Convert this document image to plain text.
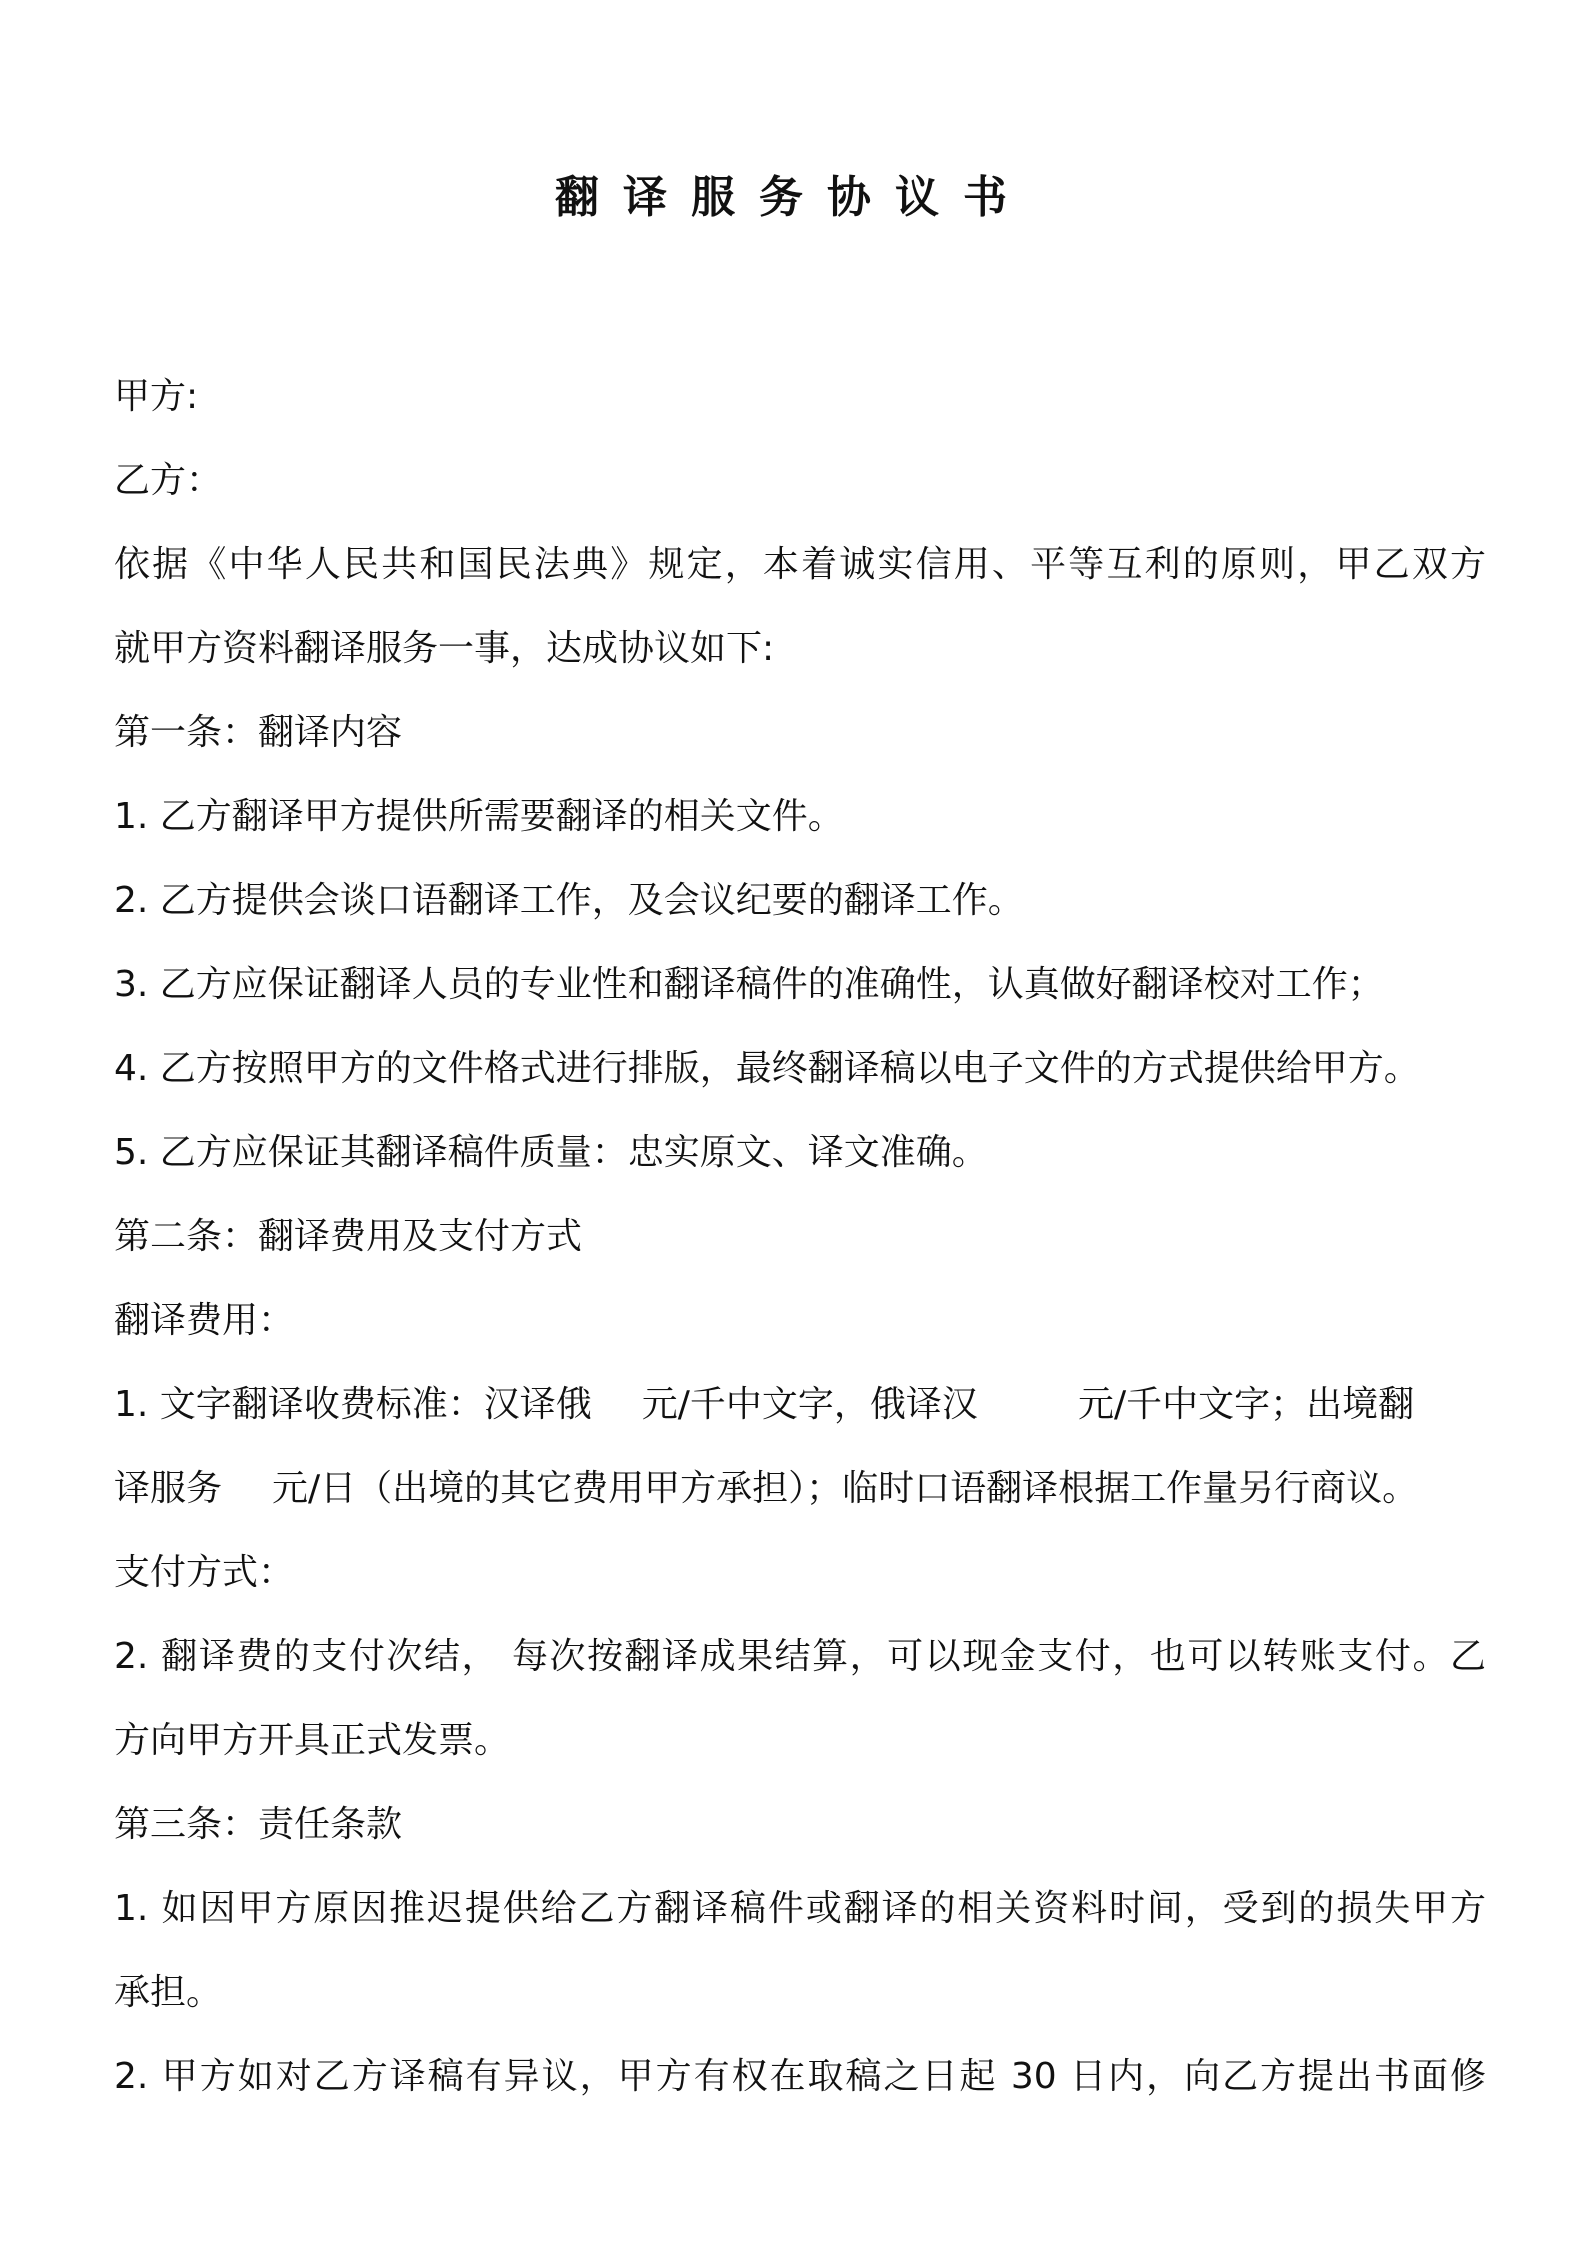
翻译服务协议书
甲方:
乙方：
依据《中华人民共和国民法典》规定，本着诚实信用、平等互利的原则，甲乙双方
就甲方资料翻译服务一事，达成协议如下:
第一条：翻译内容
1. 乙方翻译甲方提供所需要翻译的相关文件。
2. 乙方提供会谈口语翻译工作，及会议纪要的翻译工作。
3. 乙方应保证翻译人员的专业性和翻译稿件的准确性，认真做好翻译校对工作；
4. 乙方按照甲方的文件格式进行排版，最终翻译稿以电子文件的方式提供给甲方。
5. 乙方应保证其翻译稿件质量：忠实原文、译文准确。
第二条：翻译费用及支付方式
翻译费用：
1. 文字翻译收费标准：汉译俄 元/千中文字，俄译汉	元/千中文字；出境翻
译服务 元/日（出境的其它费用甲方承担）；临时口语翻译根据工作量另行商议。
支付方式：
2. 翻译费的支付次结， 每次按翻译成果结算，可以现金支付，也可以转账支付。乙
方向甲方开具正式发票。
第三条：责任条款
1. 如因甲方原因推迟提供给乙方翻译稿件或翻译的相关资料时间，受到的损失甲方
承担。
2. 甲方如对乙方译稿有异议，甲方有权在取稿之日起 30 日内，向乙方提出书面修
